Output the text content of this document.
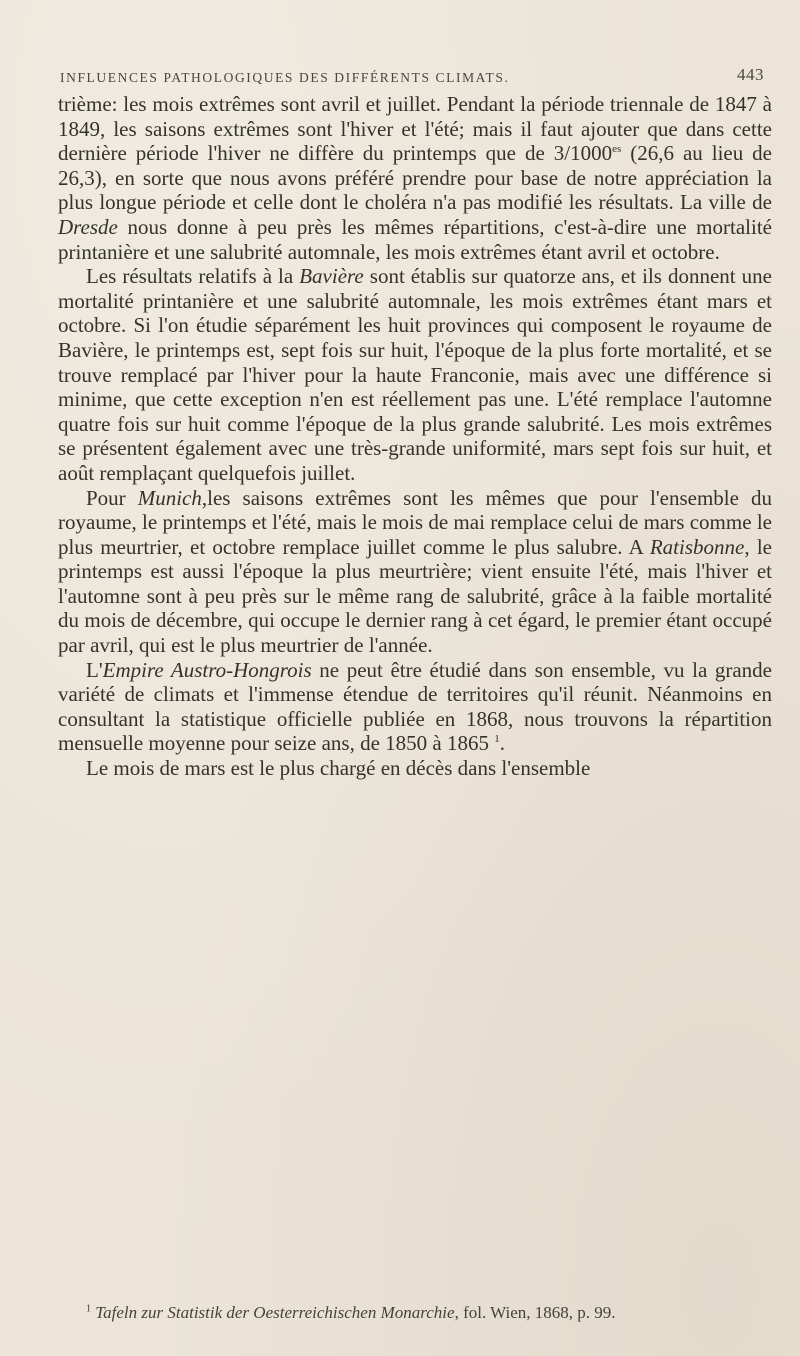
INFLUENCES PATHOLOGIQUES DES DIFFÉRENTS CLIMATS.	443

trième: les mois extrêmes sont avril et juillet. Pendant la période triennale de 1847 à 1849, les saisons extrêmes sont l'hiver et l'été; mais il faut ajouter que dans cette dernière période l'hiver ne diffère du printemps que de $3/1000^{es}$ (26,6 au lieu de 26,3), en sorte que nous avons préféré prendre pour base de notre appréciation la plus longue période et celle dont le choléra n'a pas modifié les résultats. La ville de Dresde nous donne à peu près les mêmes répartitions, c'est-à-dire une mortalité printanière et une salubrité automnale, les mois extrêmes étant avril et octobre.

Les résultats relatifs à la Bavière sont établis sur quatorze ans, et ils donnent une mortalité printanière et une salubrité automnale, les mois extrêmes étant mars et octobre. Si l'on étudie séparément les huit provinces qui composent le royaume de Bavière, le printemps est, sept fois sur huit, l'époque de la plus forte mortalité, et se trouve remplacé par l'hiver pour la haute Franconie, mais avec une différence si minime, que cette exception n'en est réellement pas une. L'été remplace l'automne quatre fois sur huit comme l'époque de la plus grande salubrité. Les mois extrêmes se présentent également avec une très-grande uniformité, mars sept fois sur huit, et août remplaçant quelquefois juillet.

Pour Munich,les saisons extrêmes sont les mêmes que pour l'ensemble du royaume, le printemps et l'été, mais le mois de mai remplace celui de mars comme le plus meurtrier, et octobre remplace juillet comme le plus salubre. A Ratisbonne, le printemps est aussi l'époque la plus meurtrière; vient ensuite l'été, mais l'hiver et l'automne sont à peu près sur le même rang de salubrité, grâce à la faible mortalité du mois de décembre, qui occupe le dernier rang à cet égard, le premier étant occupé par avril, qui est le plus meurtrier de l'année.

L'Empire Austro-Hongrois ne peut être étudié dans son ensemble, vu la grande variété de climats et l'immense étendue de territoires qu'il réunit. Néanmoins en consultant la statistique officielle publiée en 1868, nous trouvons la répartition mensuelle moyenne pour seize ans, de 1850 à 1865 $^1$.

Le mois de mars est le plus chargé en décès dans l'ensemble

$^1$ Tafeln zur Statistik der Oesterreichischen Monarchie, fol. Wien, 1868, p. 99.
